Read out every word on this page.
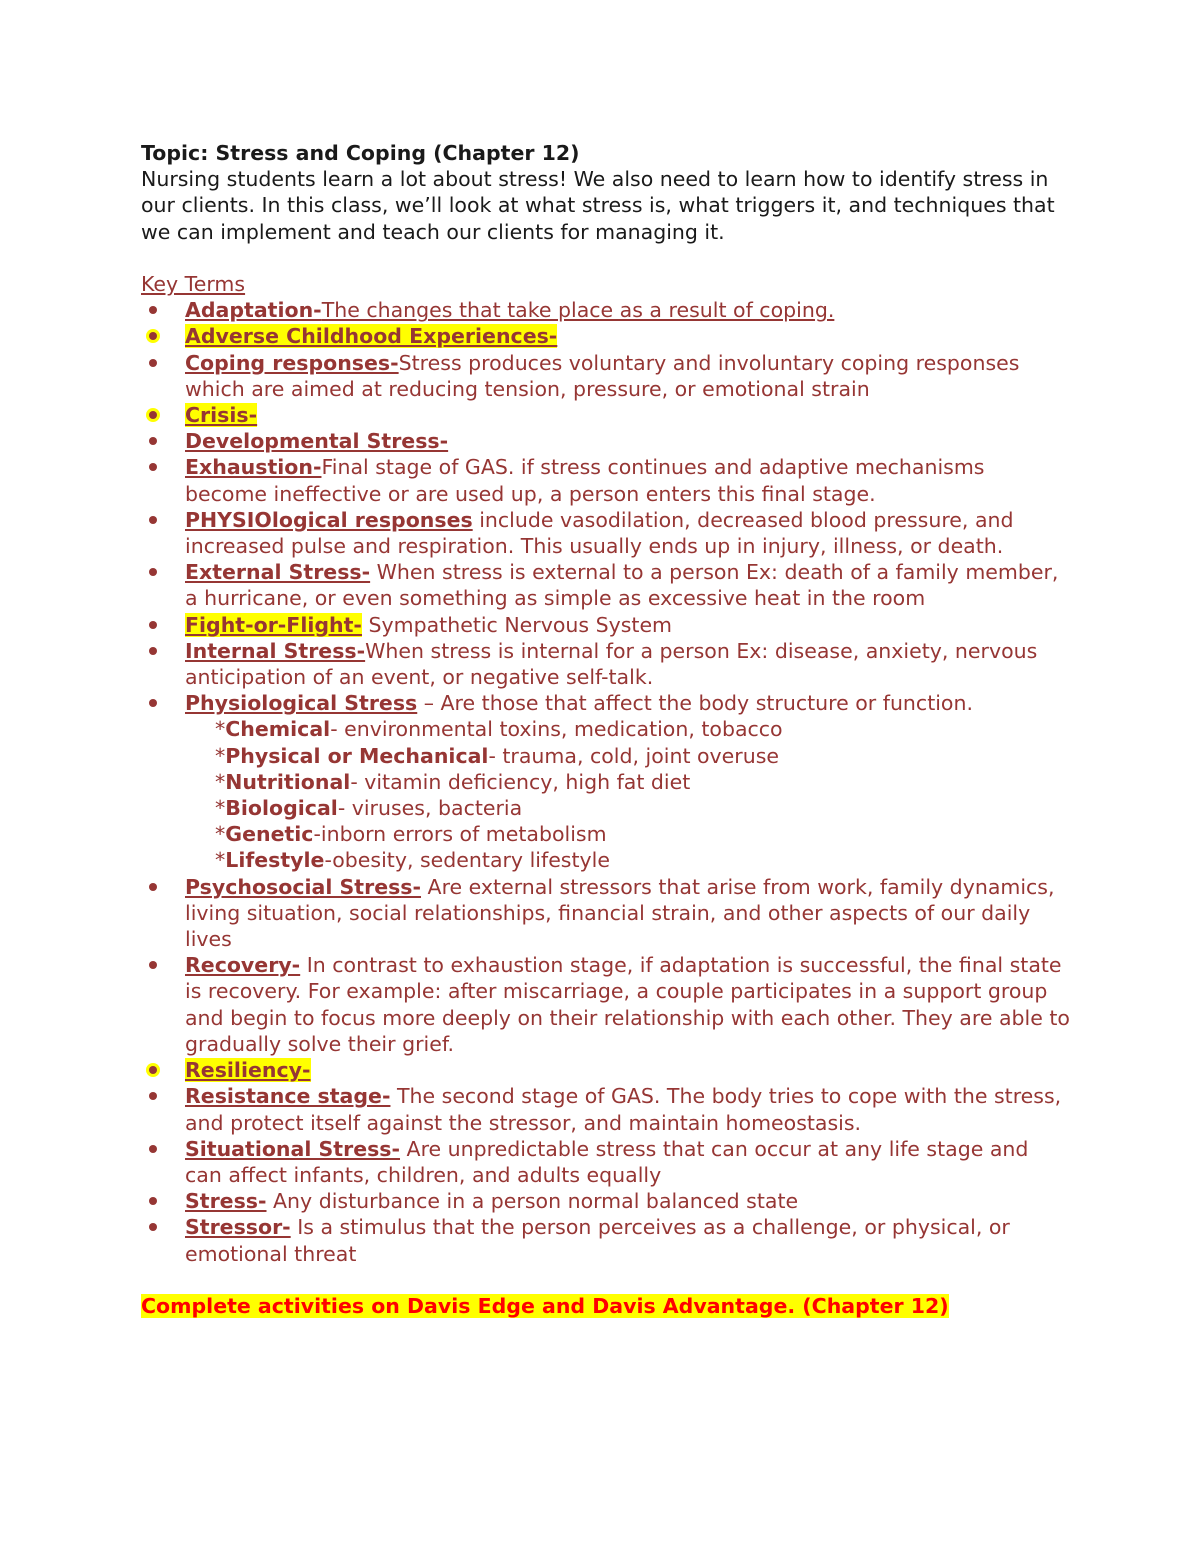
Topic: Stress and Coping (Chapter 12)

Nursing students learn a lot about stress! We also need to learn how to identify stress in our clients. In this class, we’ll look at what stress is, what triggers it, and techniques that we can implement and teach our clients for managing it.

Key Terms

Adaptation-The changes that take place as a result of coping.
Adverse Childhood Experiences-
Coping responses-Stress produces voluntary and involuntary coping responses which are aimed at reducing tension, pressure, or emotional strain
Crisis-
Developmental Stress-
Exhaustion-Final stage of GAS. if stress continues and adaptive mechanisms become ineffective or are used up, a person enters this final stage.
PHYSIOlogical responses include vasodilation, decreased blood pressure, and increased pulse and respiration. This usually ends up in injury, illness, or death.
External Stress- When stress is external to a person Ex: death of a family member, a hurricane, or even something as simple as excessive heat in the room
Fight-or-Flight- Sympathetic Nervous System
Internal Stress-When stress is internal for a person Ex: disease, anxiety, nervous anticipation of an event, or negative self-talk.
Physiological Stress – Are those that affect the body structure or function.
*Chemical- environmental toxins, medication, tobacco
*Physical or Mechanical- trauma, cold, joint overuse
*Nutritional- vitamin deficiency, high fat diet
*Biological- viruses, bacteria
*Genetic-inborn errors of metabolism
*Lifestyle-obesity, sedentary lifestyle
Psychosocial Stress- Are external stressors that arise from work, family dynamics, living situation, social relationships, financial strain, and other aspects of our daily lives
Recovery- In contrast to exhaustion stage, if adaptation is successful, the final state is recovery. For example: after miscarriage, a couple participates in a support group and begin to focus more deeply on their relationship with each other. They are able to gradually solve their grief.
Resiliency-
Resistance stage- The second stage of GAS. The body tries to cope with the stress, and protect itself against the stressor, and maintain homeostasis.
Situational Stress- Are unpredictable stress that can occur at any life stage and can affect infants, children, and adults equally
Stress- Any disturbance in a person normal balanced state
Stressor- Is a stimulus that the person perceives as a challenge, or physical, or emotional threat

Complete activities on Davis Edge and Davis Advantage. (Chapter 12)
